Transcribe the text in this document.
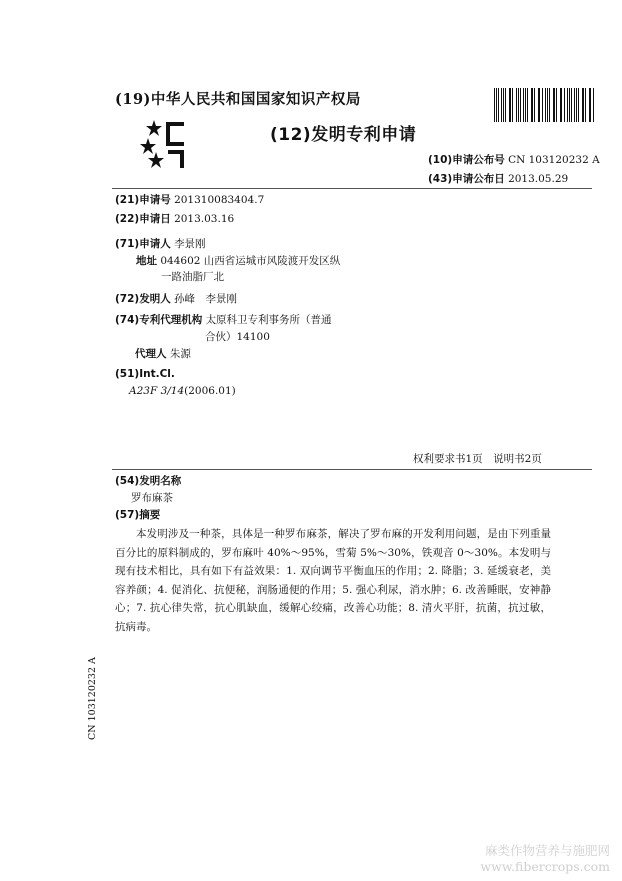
(19)中华人民共和国国家知识产权局
(12)发明专利申请
(10)申请公布号 CN 103120232 A
(43)申请公布日 2013.05.29
(21)申请号 201310083404.7
(22)申请日 2013.03.16
(71)申请人 李景刚
地址 044602 山西省运城市风陵渡开发区纵
一路油脂厂北
(72)发明人 孙峰　李景刚
(74)专利代理机构 太原科卫专利事务所（普通
合伙）14100
代理人 朱源
(51)Int.Cl.
A23F 3/14(2006.01)
权利要求书1页　说明书2页
(54)发明名称
罗布麻茶
(57)摘要
本发明涉及一种茶，具体是一种罗布麻茶，解决了罗布麻的开发利用问题，是由下列重量百分比的原料制成的，罗布麻叶 40%～95%，雪菊 5%～30%，铁观音 0～30%。本发明与现有技术相比，具有如下有益效果：1. 双向调节平衡血压的作用；2. 降脂；3. 延缓衰老，美容养颜；4. 促消化、抗便秘，润肠通便的作用；5. 强心利尿，消水肿；6. 改善睡眠，安神静心；7. 抗心律失常，抗心肌缺血，缓解心绞痛，改善心功能；8. 清火平肝，抗菌，抗过敏，抗病毒。
CN 103120232 A
麻类作物营养与施肥网
www.fibercrops.com
